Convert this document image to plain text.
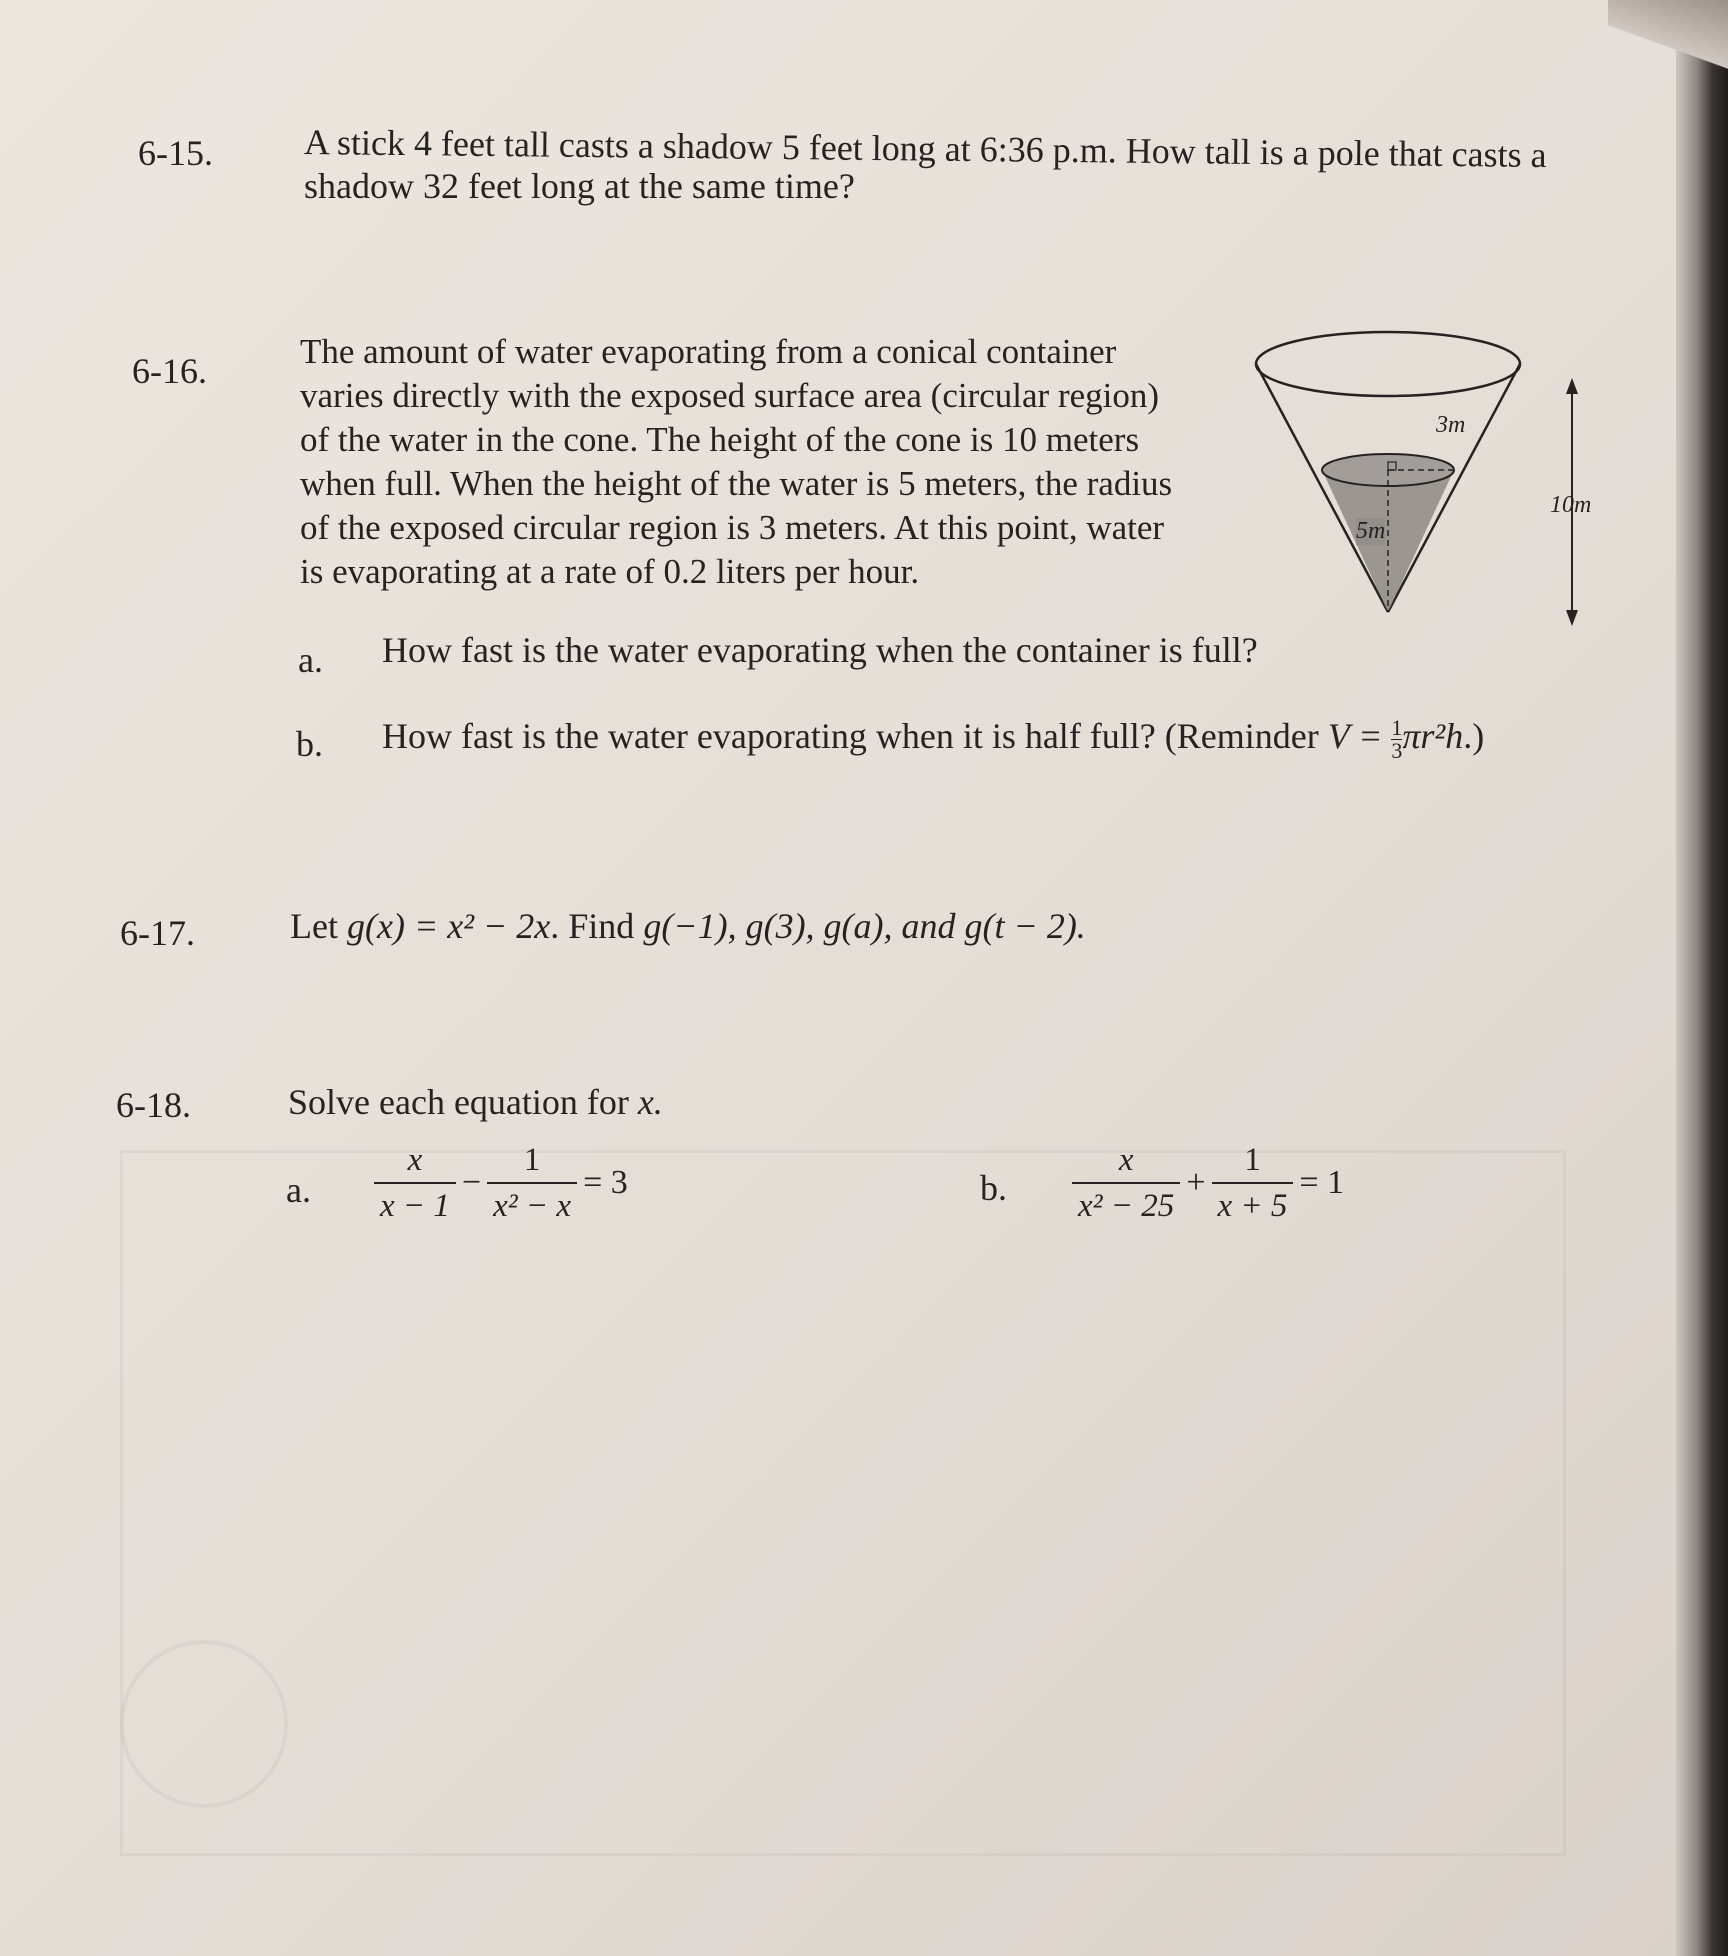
6-15.	A stick 4 feet tall casts a shadow 5 feet long at 6:36 p.m. How tall is a pole that casts a
shadow 32 feet long at the same time?
6-16.	The amount of water evaporating from a conical container
varies directly with the exposed surface area (circular region)
of the water in the cone. The height of the cone is 10 meters
when full. When the height of the water is 5 meters, the radius
of the exposed circular region is 3 meters. At this point, water
is evaporating at a rate of 0.2 liters per hour.
3m
5m
10m
a. How fast is the water evaporating when the container is full?
b. How fast is the water evaporating when it is half full? (Reminder $V = \frac{1}{3} \pi r^2h$.)
6-17.	Let g(x) = x² − 2x. Find g(−1), g(3), g(a), and g(t − 2).
6-18.	Solve each equation for x.
a. $\frac{x}{x - 1} - \frac{1}{\text{x² − x}} = 3$	b. $\frac{x}{\text{x² − 25}} + \frac{1}{x + 5} = 1$
